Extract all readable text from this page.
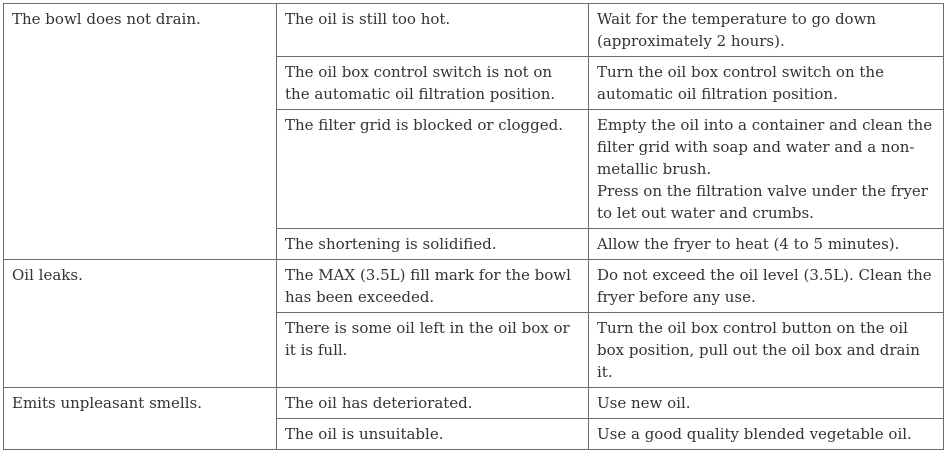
The bowl does not drain.	The oil is still too hot.	Wait for the temperature to go down (approximately 2 hours).

	The oil box control switch is not on the automatic oil filtration position.	Turn the oil box control switch on the automatic oil filtration position.

	The filter grid is blocked or clogged.	Empty the oil into a container and clean the filter grid with soap and water and a non-metallic brush.
Press on the filtration valve under the fryer to let out water and crumbs.

	The shortening is solidified.	Allow the fryer to heat (4 to 5 minutes).

Oil leaks.	The MAX (3.5L) fill mark for the bowl has been exceeded.	Do not exceed the oil level (3.5L). Clean the fryer before any use.

	There is some oil left in the oil box or it is full.	Turn the oil box control button on the oil box position, pull out the oil box and drain it.

Emits unpleasant smells.	The oil has deteriorated.	Use new oil.

	The oil is unsuitable.	Use a good quality blended vegetable oil.
